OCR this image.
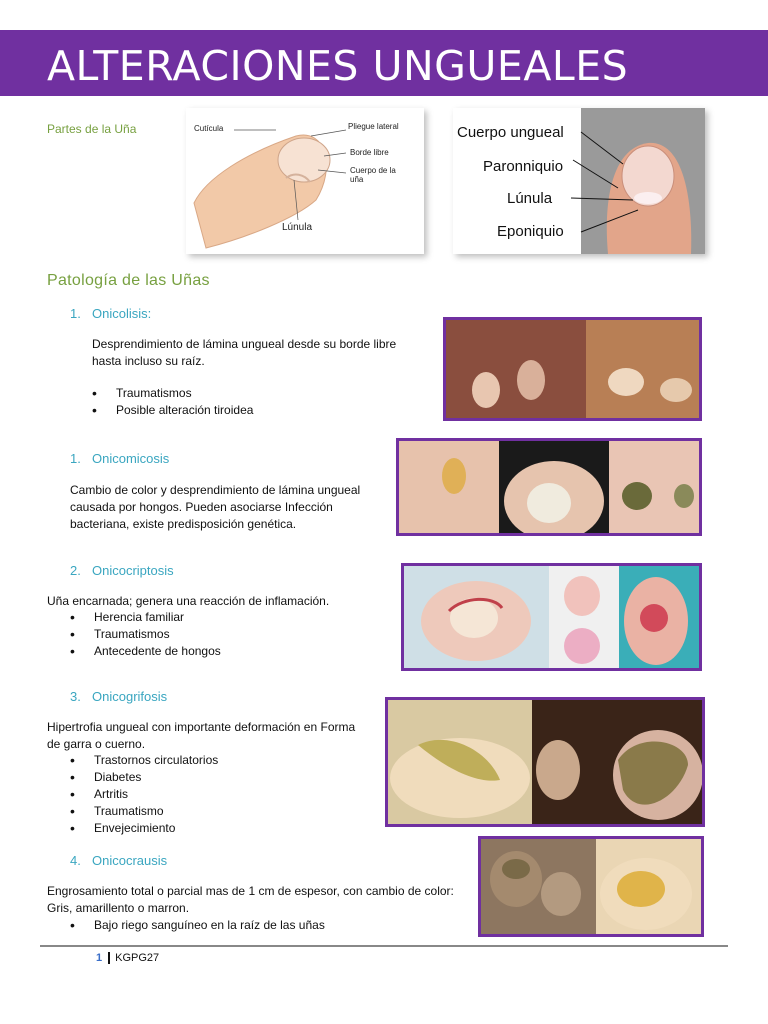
ALTERACIONES UNGUEALES
Partes de la Uña	Cutícula	Pliegue lateral
Borde libre
Cuerpo de la uña
Lúnula
Cuerpo ungueal
Paronniquio
Lúnula
Eponiquio
Patología de las Uñas
1. Onicolisis:
Desprendimiento de lámina ungueal desde su borde libre hasta incluso su raíz.
• Traumatismos
• Posible alteración tiroidea
1. Onicomicosis
Cambio de color y desprendimiento de lámina ungueal causada por hongos. Pueden asociarse Infección bacteriana, existe predisposición genética.
2. Onicocriptosis
Uña encarnada; genera una reacción de inflamación.
• Herencia familiar
• Traumatismos
• Antecedente de hongos
3. Onicogrifosis
Hipertrofia ungueal con importante deformación en Forma de garra o cuerno.
• Trastornos circulatorios
• Diabetes
• Artritis
• Traumatismo
• Envejecimiento
4. Onicocrausis
Engrosamiento total o parcial mas de 1 cm de espesor, con cambio de color: Gris, amarillento o marron.
• Bajo riego sanguíneo en la raíz de las uñas
1 KGPG27
